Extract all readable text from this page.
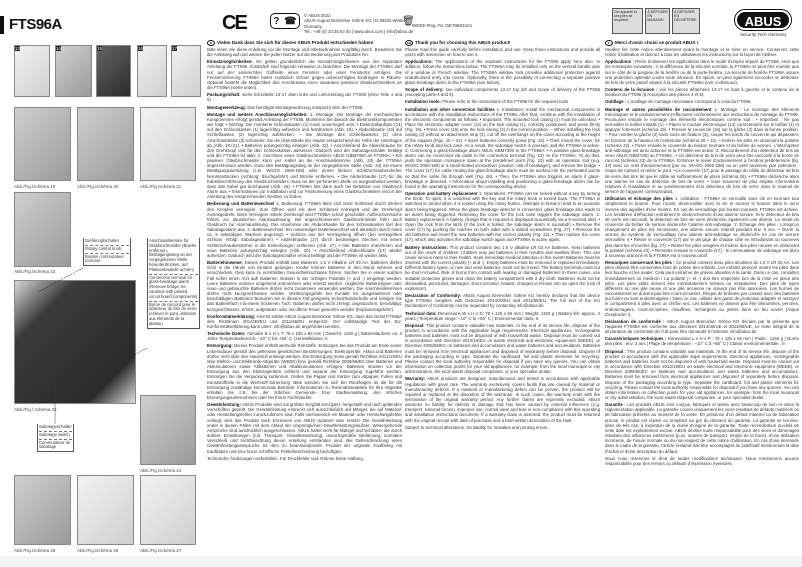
FTS96A	CE	? ☎ © ABUS 2022
ABUS August Bremicker Söhne KG | D 58292 Wetter | Germany.
Tel.: +49 (0) 23 35 63 40 | www.abus.com | info@abus.de
🗑
WEEE-Reg.-Nr. DE79663101
Cet appareil et ses piles se recyclent
À DÉPOSER EN MAGASIN
À DÉPOSER EN DÉCHÈTERIE	ABUS
Security Tech Germany
13	14	15	16	17
Abb./Fig./schéma 19	Abb./Fig./schéma 20	Abb./Fig./schéma 21
Abb./Fig./schéma 22
Drehknopfschalter
Rotary control knob
Bouton commutateur tournant
Anschlussklemme für Glasbruchmelder (Brücke entfernen, Betätigungssteg an der vorgegebenen Stelle herunterdrücken, auf Platinenbauteile achten)
Connection terminal for glass-breakage alarm (Remove bridge; be cautious with printed circuit board components)
Borne de raccord pour le détecteur de bris de verre (enlever le pont, attention aux éléments de la platine)
Abb./Fig./ schéma 23
Sabotageschalter
Sabotage switch
Commutateur de sabotage
Abb./Fig./schéma 24
Abb./Fig./schéma 25	Abb./Fig./schéma 26	Abb./Fig./schéma 27
D	Vielen Dank dass Sie sich für dieses ABUS Produkt entschieden haben!

Bitte lesen Sie diese Anleitung vor der Montage und Inbetriebnahme sorgfältig durch. Bewahren Sie die Anleitung auf und weisen Sie jeden Nutzer auf die Bedienung des Produktes hin.

Einsatzmöglichkeiten: Es gelten grundsätzlich die Einsatzmöglichkeiten aus der separaten Anleitung der FTS96. Zusätzlich sind folgende Hinweise zu beachten: Die Montage der FTS96A darf nur auf der senkrechten Griffseite eines Fensters oder einer Fenstertür erfolgen. Die Fenstersicherung FTS96A bietet zusätzlich Schutz gegen unberechtigtes Eindringen in Räume. Optional besteht die Möglichkeit des Anschlusses eines separaten passiven Glasbruchmelders an die FTS96A (siehe unten).

Packungsinhalt: siehe Einzelteile 13-17 oben links und Lieferumfang der FTS96 (ohne Teile 4 und 5).

Montagewerkzeug: Das benötigte Montagewerkzeug entspricht dem der FTS96.

Montage und weitere Anschlussmöglichkeiten: 1. Montage: Die Montage der mechanischen Komponenten erfolgt gemäß Anleitung der FTS96. Montieren Sie danach die Elektronikkomponenten wie folgt: • Wichtig: Der montierte Schlosskasten (1) muss unverriegelt sein. • Elektronikaufsatz (14) auf den Schlosskasten (1) lagerichtig aufsetzen und festdrücken (Abb. 19). • Abdeckhaube (16) auf Schließkasten (2) lagerichtig aufdrücken. – Bei Montage des Schließkastens (2) ohne Anschraubleiste (3) schneiden Sie die Überstände der Haube entsprechend der Höhe der Unterlagen ab (Abb. 20+21). • Batterien polungsrichtig einlegen (Abb. 22). • Anschließend die Abdeckhaube für den Drehknopf und für den Schlosskasten aufsetzen. Dadurch wird der Sabotageschalter betätigt und die FTS96A ist aktiv. 2. Anschluss eines Glasbruchmelders ABUS GBM7300 an FTS96A: • Ein passiver Glasbruchmelder kann per Kabel an die Anschlussklemme (Abb. 23) der FTS96A angeschlossen werden. Dazu den Betätigungssteg an der vorgegebenen Stelle (Abb. 23) mit einem Betätigungswerkzeug (z.B. WAGO 2060-189) oder einem kleinen Schlitzschraubendreher herunterdrücken (Achtung: Bruchgefahr!) und Brücke entfernen. • Die Abdeckhaube (17) für die Kabeldurchführung des Glasbruchmelders muss an der perforierten Stelle so ausgearbeitet werden, dass das Kabel gut durchpasst (Abb. 26). • FTS96A löst dann auch bei Detektion von Glasbruch Alarm aus. • Informationen zur Installation und zur Positionierung eines Glasbruchmelders sind in der Anleitung des entsprechenden Gerätes zu finden.

Bedienung und Batteriewechsel 1. Bedienung: FTS96A lässt sich ohne Schlüssel durch Drehen des Knopfes verriegeln. Zum Öffnen wird mit dem Schlüssel entriegelt und der Drehknopf zurückgedreht. Beim Verriegeln mittels Drehknopf wird FTS96A scharf geschaltet. Aufbruchversuche führen zur akustischen Alarmauslösung. Bei angeschlossenem Glasbruchmelder führt auch Glasbruch zur Alarmauslösung. Das Abnehmen der Abdeckhaube für den Schlosskasten löst den Sabotagealarm aus. 2. Batteriewechsel: Ein notwendiger Batteriewechsel wird akustisch durch einen ca. 5 sekündigen Warnton angezeigt. • Schloss aus der Verriegelung öffnen (bei verriegeltem Schloss erfolgt Sabotagealarm!) • Abdeckhaube (17) durch beidseitiges Stechen mit einem Schlitzschraubendreher in die Einkerbungen entfernen (Abb. 27). • Alte Batterien entnehmen und neue Batterien polungsrichtig einlegen (Abb. 20). • Anschließend Abdeckhaube (17) wieder aufsetzen. Dadurch wird der Sabotageschalter erneut betätigt und die FTS96A ist wieder aktiv.

Batteriehinweise: Dieses Produkt enthält zwei Batterien 1,5 V Alkaline LR 03 AA. Batterien dürfen nicht in die Hände von Kindern gelangen. Kinder können Batterien in den Mund nehmen und verschlucken. Dies kann zu ernsthaften Gesundheitsschäden führen. Suchen Sie in einem solchen Fall sofort einen Arzt auf! Batterien müssen in der richtigen Polarität (+ und -) eingelegt werden. Leere Batterien müssen umgehend entnommen oder ersetzt werden. Ungleiche Batterietypen oder neue und gebrauchte Batterien dürfen nicht zusammen verwendet werden. Die Anschlussklemmen dürfen nicht kurzgeschlossen werden. Verätzungsgefahr bei Kontakt mit ausgelaufenen oder beschädigten Batterien! Benutzen Sie in diesem Fall geeignete Schutzhandschuhe und reinigen Sie das Batteriefach mit einem trockenen Tuch. Batterien dürfen nicht zerlegt, angestochen, beschädigt, kurzgeschlossen, erhitzt, aufgeladen oder ins offene Feuer geworfen werden (Explosionsgefahr!).

Konformitätserklärung: Hiermit erklärt ABUS August Bremicker Söhne KG, dass das Gerät FTS96A den Richtlinien 2014/30/EU und 2011/65/EU entspricht. Der vollständige Text der EU-Konformitätserklärung kann unter: info@abus.de angefordert werden.

Technische Daten: Abmaße B x H x T: 78 x 125 x 55 mm | Gewicht: 1150 g | Batterielaufzeit: ca. 2 Jahre Temperaturbereich: –10° C bis +55° C | Umweltklasse: II.

Entsorgung: Dieses Produkt enthält wertvolle Rohstoffe. Entsorgen Sie das Produkt am Ende seiner Lebensdauer gemäß den geltenden gesetzlichen Bestimmungen. Elektrogeräte, Akkus und Batterien dürfen nicht über den Hausmüll entsorgt werden. Die Entsorgung muss gemäß Richtlinie 2012/19/EU über Elektro- und Elektronik-Altgeräte (WEEE) bzw. gemäß Richtlinie 2006/66/EG über Batterien und Akkumulatoren sowie Altbatterien und Altakkumulatoren erfolgen. Batterien müssen vor der Entsorgung aus den Elektrogeräten entfernt und separat der Entsorgung zugeführt werden. Entsorgen Sie die Verpackung sortenrein. Geben Sie Pappe und Karton zum Altpapier, Folien und Kunststoffteile in die Wertstoff-Sammlung. Bitte wenden Sie sich bei Rückfragen an die für die Entsorgung zuständige kommunale Behörde. Informationen zu Rücknahmestellen für Ihre Altgeräte erhalten Sie z.B. bei der örtlichen Gemeinde- bzw. Stadtverwaltung, den örtlichen Entsorgungsunternehmen oder bei Ihrem Fachhändler.

Gewährleistung: ABUS Produkte sind mit größter Sorgfalt konzipiert, hergestellt und nach geltenden Vorschriften geprüft. Die Gewährleistung erstreckt sich ausschließlich auf Mängel, die auf Material- oder Herstellungsfehler zurückzuführen sind. Falls nachweislich ein Material- oder Herstellungsfehler vorliegt, wird das Produkt nach Ermessen von ABUS repariert oder ersetzt. Die Gewährleistung endet in diesen Fällen mit dem Ablauf der ursprünglichen Gewährleistungslaufzeit. Weitergehende Ansprüche sind ausdrücklich ausgeschlossen. ABUS haftet nicht für Mängel und Schäden, die durch äußere Einwirkungen (z.B. Transport, Gewalteinwirkung), unsachgemäße Bedienung, normalen Verschleiß und Nichtbeachtung dieser Anleitung entstanden sind. Bei Geltendmachung eines Gewährleistungsanspruchs ist dem zu beanstandenden Produkt der originale Kaufbeleg mit Kaufdatum und eine kurze schriftliche Fehlerbeschreibung beizufügen.

Technische Änderungen vorbehalten. Für Druckfehler und Irrtümer keine Haftung.

GB Thank you for choosing this ABUS product!

Please read this guide carefully before installation and use. Keep these instructions and provide all users with instruction on how to use it.

Applications: The applications of the separate instructions for the FTS96 apply here also. In addition, follow the instructions below: The FTS96A may be installed only on the vertical handle side of a window or French window. The FTS96A window lock provides additional protection against unauthorised entry into rooms. Optionally, there is the possibility of connecting a separate passive glass-breakage alarm to the FTS96A (see below).

Scope of delivery: see individual components 13-17 top left and scope of delivery of the FTS96 (excepting parts 4 and 5).

Installation tools: Please refer to the instructions of the FTS96 for the required tools.

Installation and other connection facilities 1. Installation: Install the mechanical components in accordance with the installation instructions of the FTS96. After that, continue with the installation of the electronic components as follows: • Important: The mounted lock casing (1) must be unlocked. • Place the electronic adapter cover (14) on the lock casing (1), correctly positioned, and press firmly (Fig. 19). • Press cover (16) onto the lock casing (2) in the correct position. – When installing the lock casing (2) without an attachment strip (3), cut off the overhangs on the cover according to the height of the support (Figs. 20 + 21). • Insert batteries correctly poled (Fig. 22). • Then mount the cover, for the rotary knob and lock case. As a result, the sabotage switch is pressed, and the FTS96A is active. 2. Connecting a glass-breakage alarm ABUS GBM7300 to the FTS96A: • A passive glass-breakage alarm can be connected via cable to the connection terminal (Fig. 23) on the FTS96A. To do that, push the operation crosspiece down at the predefined point (Fig. 23) with an operation tool (e.g. WAGO 2060-189) or a small slotted screwdriver (caution: risk of breakage!), and remove the bridge. • The cover (17) for cable routing the glass-breakage alarm must be worked into the perforated points so that the cable fits through well (Fig. 26). • Then, the FTS96A also triggers an alarm if glass-breakage is detected. • Information about installing and positioning a glass-breakage alarm can be found in the operating instructions for the corresponding device.

Operation and battery replacement 1. Operations: FTS96A can be locked without a key by turning the knob. To open, it is unlocked with the key and the rotary knob is turned back. The FTS96A is switched to armed when it is locked using the rotary button. Attempts to break in lead to an acoustic alarm being triggered. When the glass breakage detector is connected, glass breakage also leads to an alarm being triggered. Removing the cover for the lock case triggers the sabotage alarm. 2. Battery replacement: A battery change that is required is displayed acoustically via a 5-second alert. • Open the lock from the latch (if the lock is bolted, the sabotage alarm is sounded!) • Remove the cover (17) by pushing the notches on both sides with a slotted screwdriver (Fig. 27). • Remove the old batteries and insert the new batteries with the correct polarity (Fig. 22). • Then replace the cover (17), which also activates the sabotage switch again and FTS96A is active again.

Battery instructions: This product contains two 1.5 V alkaline LR 03 AA batteries. Keep batteries out of the reach of children. Children may put batteries in their mouths and swallow them. This can cause serious harm to their health. Seek immediate medical attention in this event! Batteries must be inserted with the correct polarity (+ and -). Empty batteries must be removed or replaced immediately. Different battery types, or new and used batteries, must not be mixed. The battery terminals must not be short-circuited. Risk of burns from contact with leaking or damaged batteries! In these cases, use suitable protective gloves and clean the battery compartment with a dry cloth. Batteries must not be dismantled, punctured, damaged, short-circuited, heated, charged or thrown into an open fire (risk of explosion!).

Declaration of Conformity: ABUS August Bremicker Söhne KG hereby declares that the device type FTS96A complies with Directives 2014/30/EU and 2011/65/EU. The full text of the EU Declaration of Conformity can be requested by contacting info@abus.de

Technical data: Dimensions W x H x D: 78 x 125 x 55 mm | Weight: 1150 g | Battery life: approx. 2 years | Temperature range: –10° C to +55° C | Environmental class: II.

Disposal: This product contains valuable raw materials. At the end of its service life, dispose of the product in accordance with the applicable legal requirements. Electrical appliances, rechargeable batteries and batteries must not be disposed of with household waste. Disposal must be carried out in accordance with Directive 2012/19/EU on waste electrical and electronic equipment (WEEE), or Directive 2006/66/EC on batteries and accumulators and waste batteries and accumulators. Batteries must be removed from electrical appliances and disposed of separately before disposal. Dispose of the packaging according to type. Separate the cardboard, foil and plastic elements for recycling. Please contact the local authority responsible for disposal if you have any queries. You can obtain information on collection points for your old appliances, for example, from the local municipal or city administration, the local waste disposal companies, or your specialist dealer.

Warranty: ABUS products are designed, manufactured and tested in accordance with applicable regulations with great care. The warranty exclusively covers faults that are caused by material or manufacturing defects. If a material or manufacturing defect can be proven, the product will be repaired or replaced at the discretion of the warrantor. In such cases, the warranty ends with the termination of the original warranty period. Any further claims are expressly excluded. ABUS assumes no liability for defects or damage that has been caused by external influences (e.g. transport, external forces), improper use, normal wear and tear or non-compliance with this operating and installation instructions document. If a warranty claim is asserted, the product must be returned with the original receipt with date of purchase and a brief written description of the fault.

Subject to technical alterations. No liability for mistakes and printing errors.

F	Merci d'avoir choisi ce produit ABUS !

Veuillez lire cette notice attentivement avant le montage et la mise en service. Conservez cette notice d'utilisation et donnez à tous les utilisateurs les instructions sur la façon de l'utiliser.

Applications : Prière d'observer les applications dans le mode d'emploi séparé du FTS96. Ainsi que les remarques suivantes : À la différence de la sécurité normale, la FTS96A ne peut être montée que sur le côté de la poignée de la fenêtre ou de la porte-fenêtre. La sécurité de fenêtre FTS96A assure une protection optimale contre toute intrusion. En option, on peut également raccorder un détecteur de bris de verre passif séparé à la sécurité FTS96A (voir ci-dessous).

Contenu de la livraison : voir les pièces détachées 13-17 en haut à gauche et le contenu de la livraison du FTS96 (à l'exception des pièces 4 et 5).

Outillage : L'outillage de montage nécessaire correspond à celui du FTS96.

Montage et autres possibilités de raccordement 1. Montage : Le montage des éléments mécaniques et le positionnement s'effectuent conformément aux instructions de montage du FTS96. Poursuivre ensuite le montage des éléments électroniques comme suit : • Important : Ne pas verrouiller le boîtier installé (1). • Placer le module électronique (14) correctement sur le boîtier (1) et appuyer fortement (schéma 19). • Presser le couvercle (16) sur la gâche (2) dans la bonne position. – Pour monter la gâche (2) sans socle de fixation (3), couper les bords du couvercle qui dépassent, en fonction de la hauteur de l'entretoise (schéma 20 + 21). • Insérer les piles en observant la polarité (schéma 22). • Poser ensuite le couvercle du bouton tournant et du boîtier de serrure. L'interrupteur anti-sabotage est ainsi actionné et la FTS96A est active. 2. Raccordement d'un détecteur de bris de verre ABUS GBM7300 au FTS96A : • Un détecteur de bris de verre peut être raccordé à la borne de raccord (schéma 23) de la FTS96A. Enfoncer le levier d'actionnement à l'endroit prédéterminé (fig. 23) avec un outil d'actionnement (par ex. WAGO 2060-189) ou un petit tournevis plat (attention : risque de rupture) et retirer le pont. • Le couvercle (17) pour le passage du câble du détecteur de bris de verre doit être tel que le câble ait suffisamment de place (schéma 26). • FTS96A déclenche alors une alarme en cas de détection de bris de verre. • Vous trouverez de plus amples informations relatives à l'installation et au positionnement d'un détecteur de bris de verre dans le manuel de service de l'appareil correspondant.

Utilisation et échange des piles 1. Utilisation : FTS96A se verrouille sans clé en tournant tout simplement le bouton. Pour l'ouvrir, déverrouiller avec la clé et tourner le bouton dans le sens inverse des aiguilles d'une montre. En cas de verrouillage par bouton tournant, FTS96A est activée. Les tentatives d'effraction entraînent le déclenchement d'une alarme sonore. Si le détecteur de bris de verre est raccordé, la détection de bris de verre déclenche également une alarme. Le retrait du couvercle du boîtier de serrure déclenche l'alarme anti-sabotage. 2. Échange des piles : Lorsqu'un changement de piles est nécessaire, une alarme sonore retentit pendant env. 5 sec. • Ouvrir la serrure du système de verrouillage (une alarme anti-sabotage se déclenche en cas de serrure verrouillée !) • Retirer le couvercle (17) par le perçage de chaque côté en introduisant un tournevis plat dans les encoches (fig. 27). • Retirer les piles usagées et insérer des piles neuves en observant la polarité (schéma 22). • Remettre ensuite le couvercle (17) ; le commutateur de sabotage est alors à nouveau actionné et la FTS96A est à nouveau actif.

Remarques concernant les piles : Ce produit contient deux piles alcalines de 1,5 V LR 03 AA. Les piles doivent être conservées hors de portée des enfants. Les enfants peuvent mettre les piles dans leur bouche et les avaler. Cela peut entraîner de graves atteintes à la santé. Dans ce cas, consultez immédiatement un médecin ! La polarité (+ et -) doit être respectée lors de la mise en place des piles. Les piles vides doivent être immédiatement retirées ou remplacées. Des piles de types différents ou une pile neuve et une pile ancienne ne doivent pas être associées. Les bornes de raccordement ne doivent pas être court-circuitées. Risque de brûlures par contact avec des batteries qui fuient ou sont endommagées ! Dans ce cas, utilisez des gants de protection adaptés et nettoyez le compartiment à piles avec un chiffon sec. Les batteries ne doivent pas être démontées, percées, endommagées, court-circuitées, chauffées, rechargées ou jetées dans un feu ouvert (risque d'explosion !).

Déclaration de conformité : ABUS August Bremicker Söhne KG déclare par la présente que l'appareil FTS96A est conforme aux directives 2014/30/UE et 2011/65/UE. Le texte intégral de la déclaration de conformité de l'UE peut être demandé à l'adresse info@abus.de

Caractéristiques techniques : Dimensions L x H x P : 78 x 125 x 55 mm | Poids : 1150 g | Durée des piles : env. 2 ans | Plage de température : –10° C à +55° C | Classe environnementale : II.

Disposal : This product contains valuable raw materials. At the end of its service life, dispose of the product in accordance with the applicable legal requirements. Electrical appliances, rechargeable batteries and batteries must not be disposed of with household waste. Disposal must be carried out in accordance with Directive 2012/19/EU on waste electrical and electronic equipment (WEEE), or Directive 2006/66/EC on batteries and accumulators and waste batteries and accumulators. Batteries must be removed from electrical appliances and disposed of separately before disposal. Dispose of the packaging according to type. Separate the cardboard, foil and plastic elements for recycling. Please contact the local authority responsible for disposal if you have any queries. You can obtain information on collection points for your old appliances, for example, from the local municipal or city administration, the local waste disposal companies, or your specialist dealer.

Garantie : Les produits ABUS sont conçus, fabriqués et testés avec beaucoup de soin et selon la réglementation applicable. La garantie couvre uniquement les vices résultant de défauts matériels ou de fabrication présents au moment de la vente. En présence d'un défaut matériel ou de fabrication prouvé, le produit est réparé ou remplacé au gré du donneur de garantie. La garantie se termine, dans de tels cas, à expiration de la durée d'origine de la garantie. Toute revendication au-delà de cette date est explicitement exclue. ABUS décline toute responsabilité pour des vices et dommages résultant des influences extérieures (p.ex. avaries de transport, emploi de la force), d'une utilisation incorrecte, de l'usure normale ou du non-respect de cette notice d'utilisation. En cas d'une demande dans le cadre de la garantie, l'article réclamé doit être accompagné du justificatif mentionnant la date d'achat et d'une description du défaut.

Nous nous réservons le droit de toutes modifications techniques. Nous n'assumons aucune responsabilité pour des erreurs ou défauts d'impression éventuels.
